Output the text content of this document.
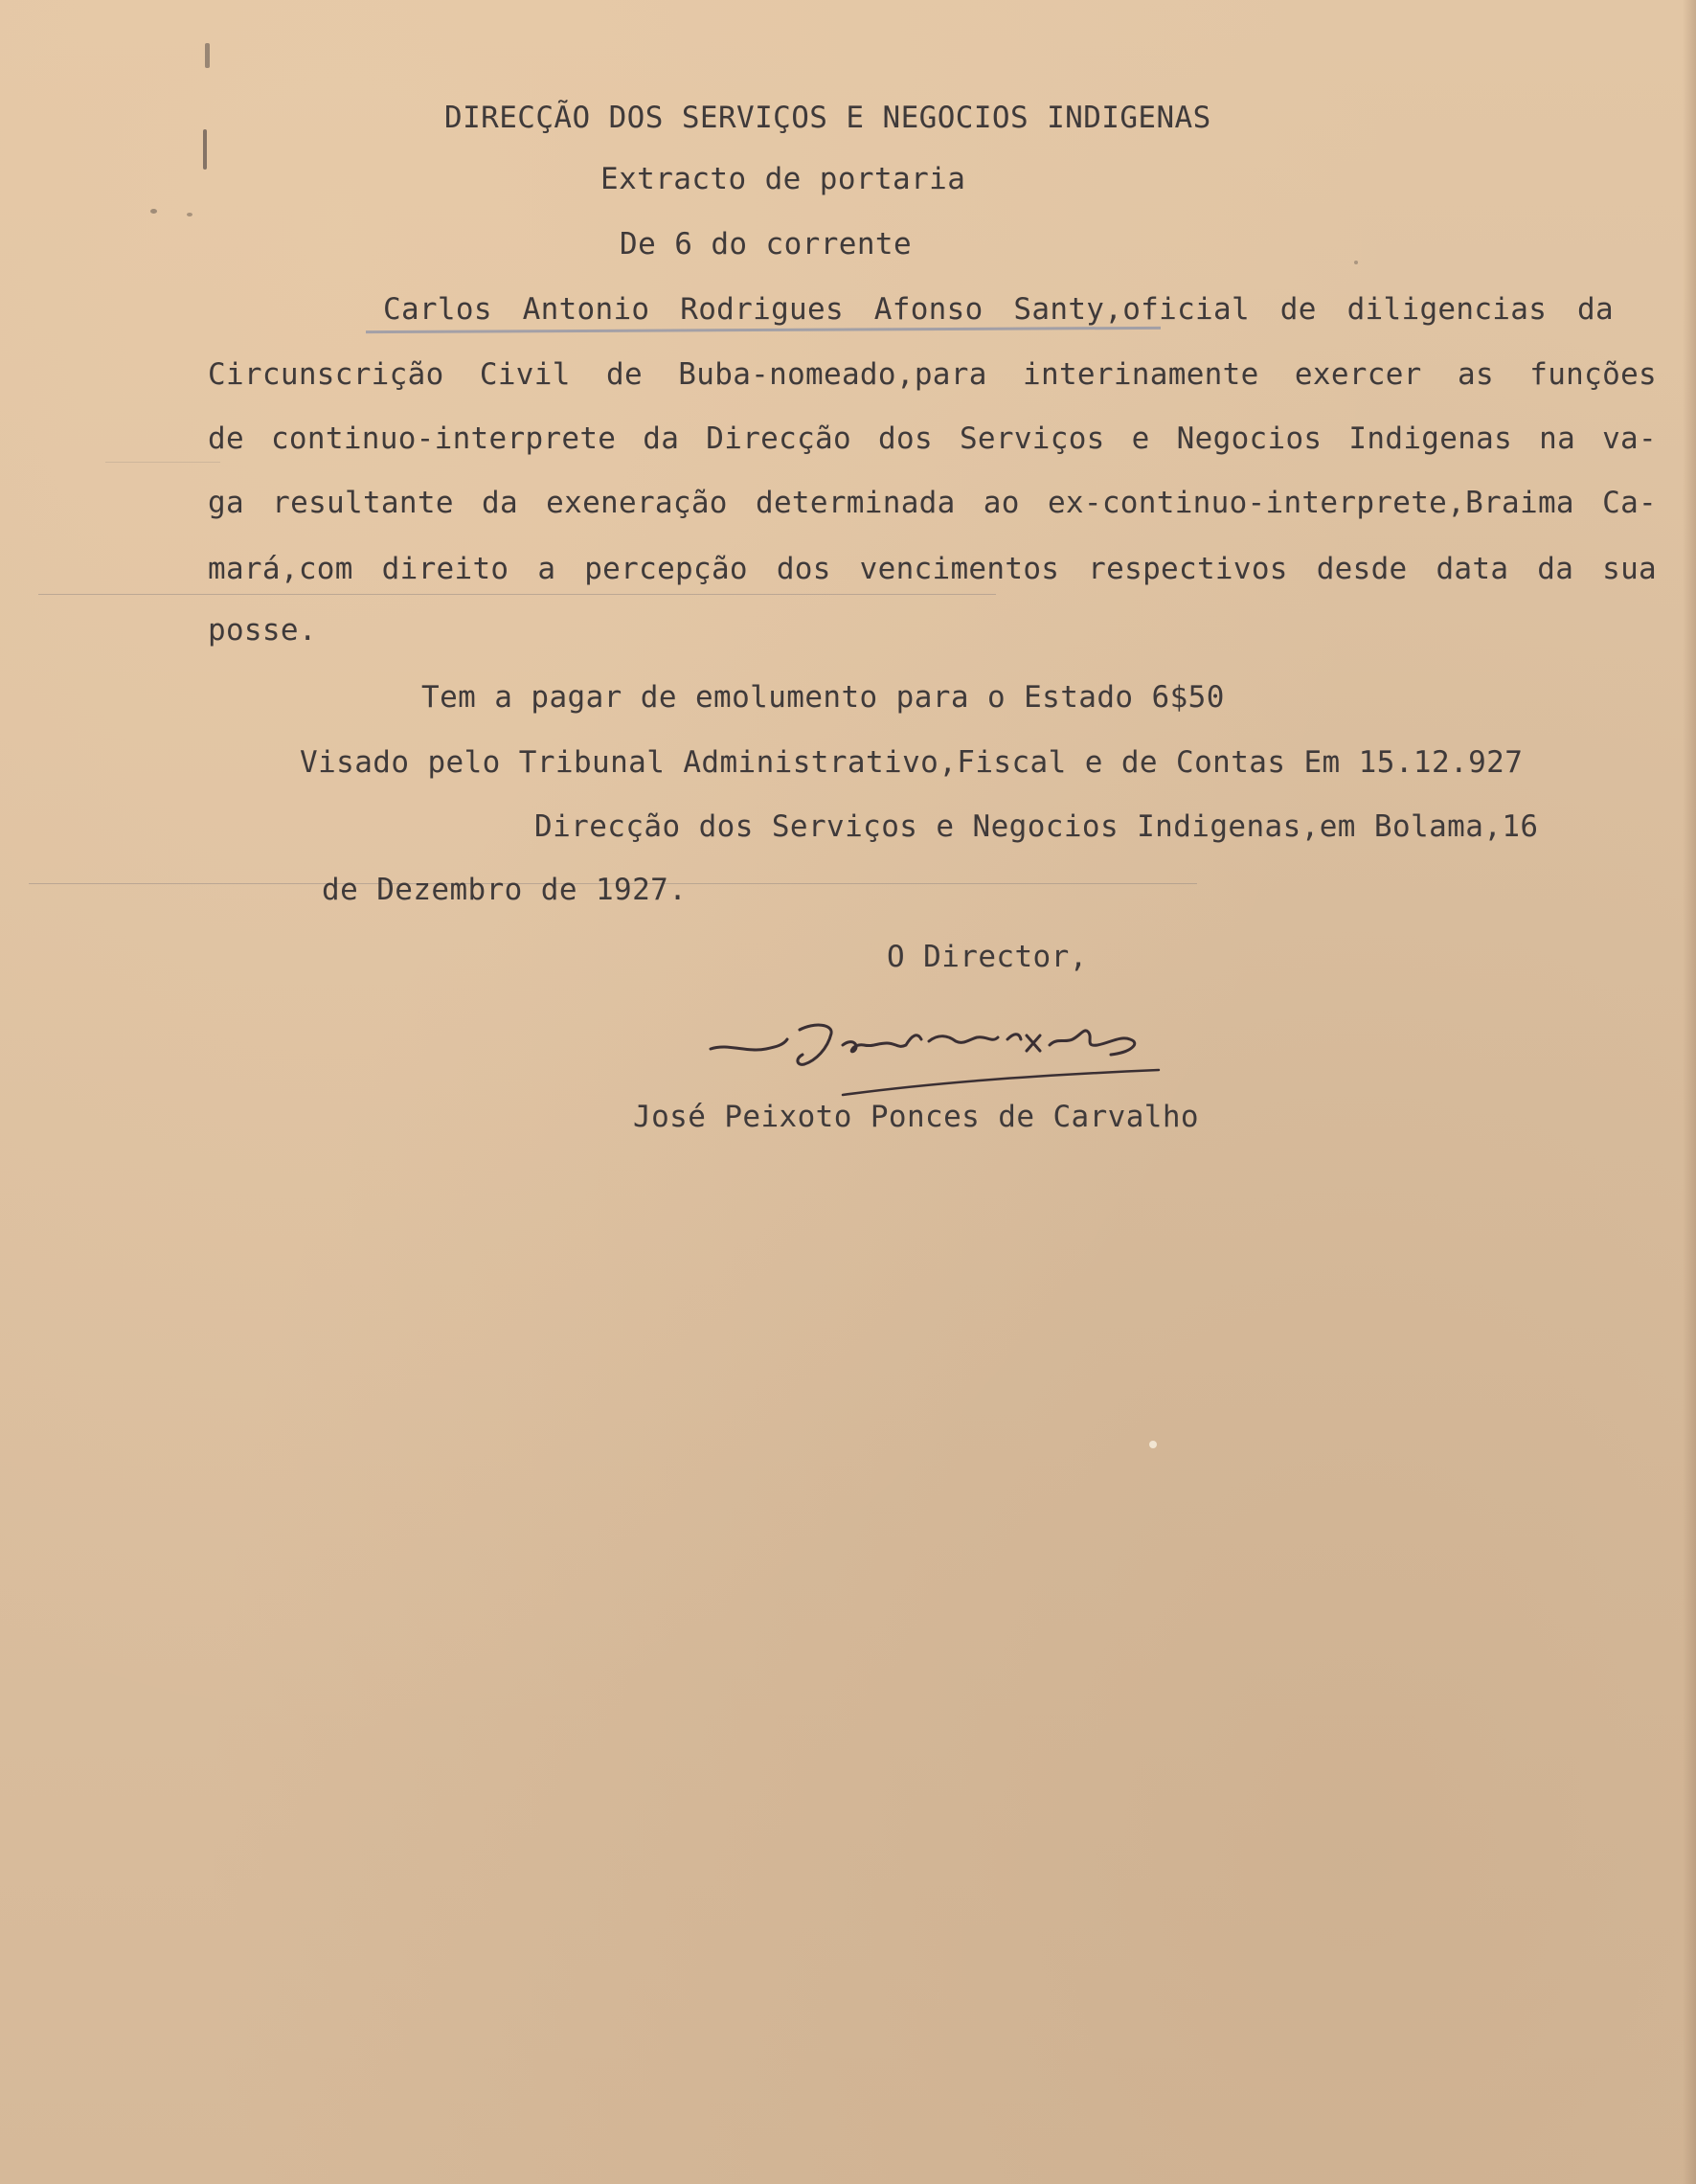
DIRECÇÃO DOS SERVIÇOS E NEGOCIOS INDIGENAS
Extracto de portaria
De 6 do corrente
Carlos Antonio Rodrigues Afonso Santy,oficial de diligencias da
Circunscrição Civil de Buba-nomeado,para interinamente exercer as funções
de continuo-interprete da Direcção dos Serviços e Negocios Indigenas na va-
ga resultante da exeneração determinada ao ex-continuo-interprete,Braima Ca-
mará,com direito a percepção dos vencimentos respectivos desde data da sua
posse.
Tem a pagar de emolumento para o Estado 6$50
Visado pelo Tribunal Administrativo,Fiscal e de Contas Em 15.12.927
Direcção dos Serviços e Negocios Indigenas,em Bolama,16
de Dezembro de 1927.
O Director,
José Peixoto Ponces de Carvalho
